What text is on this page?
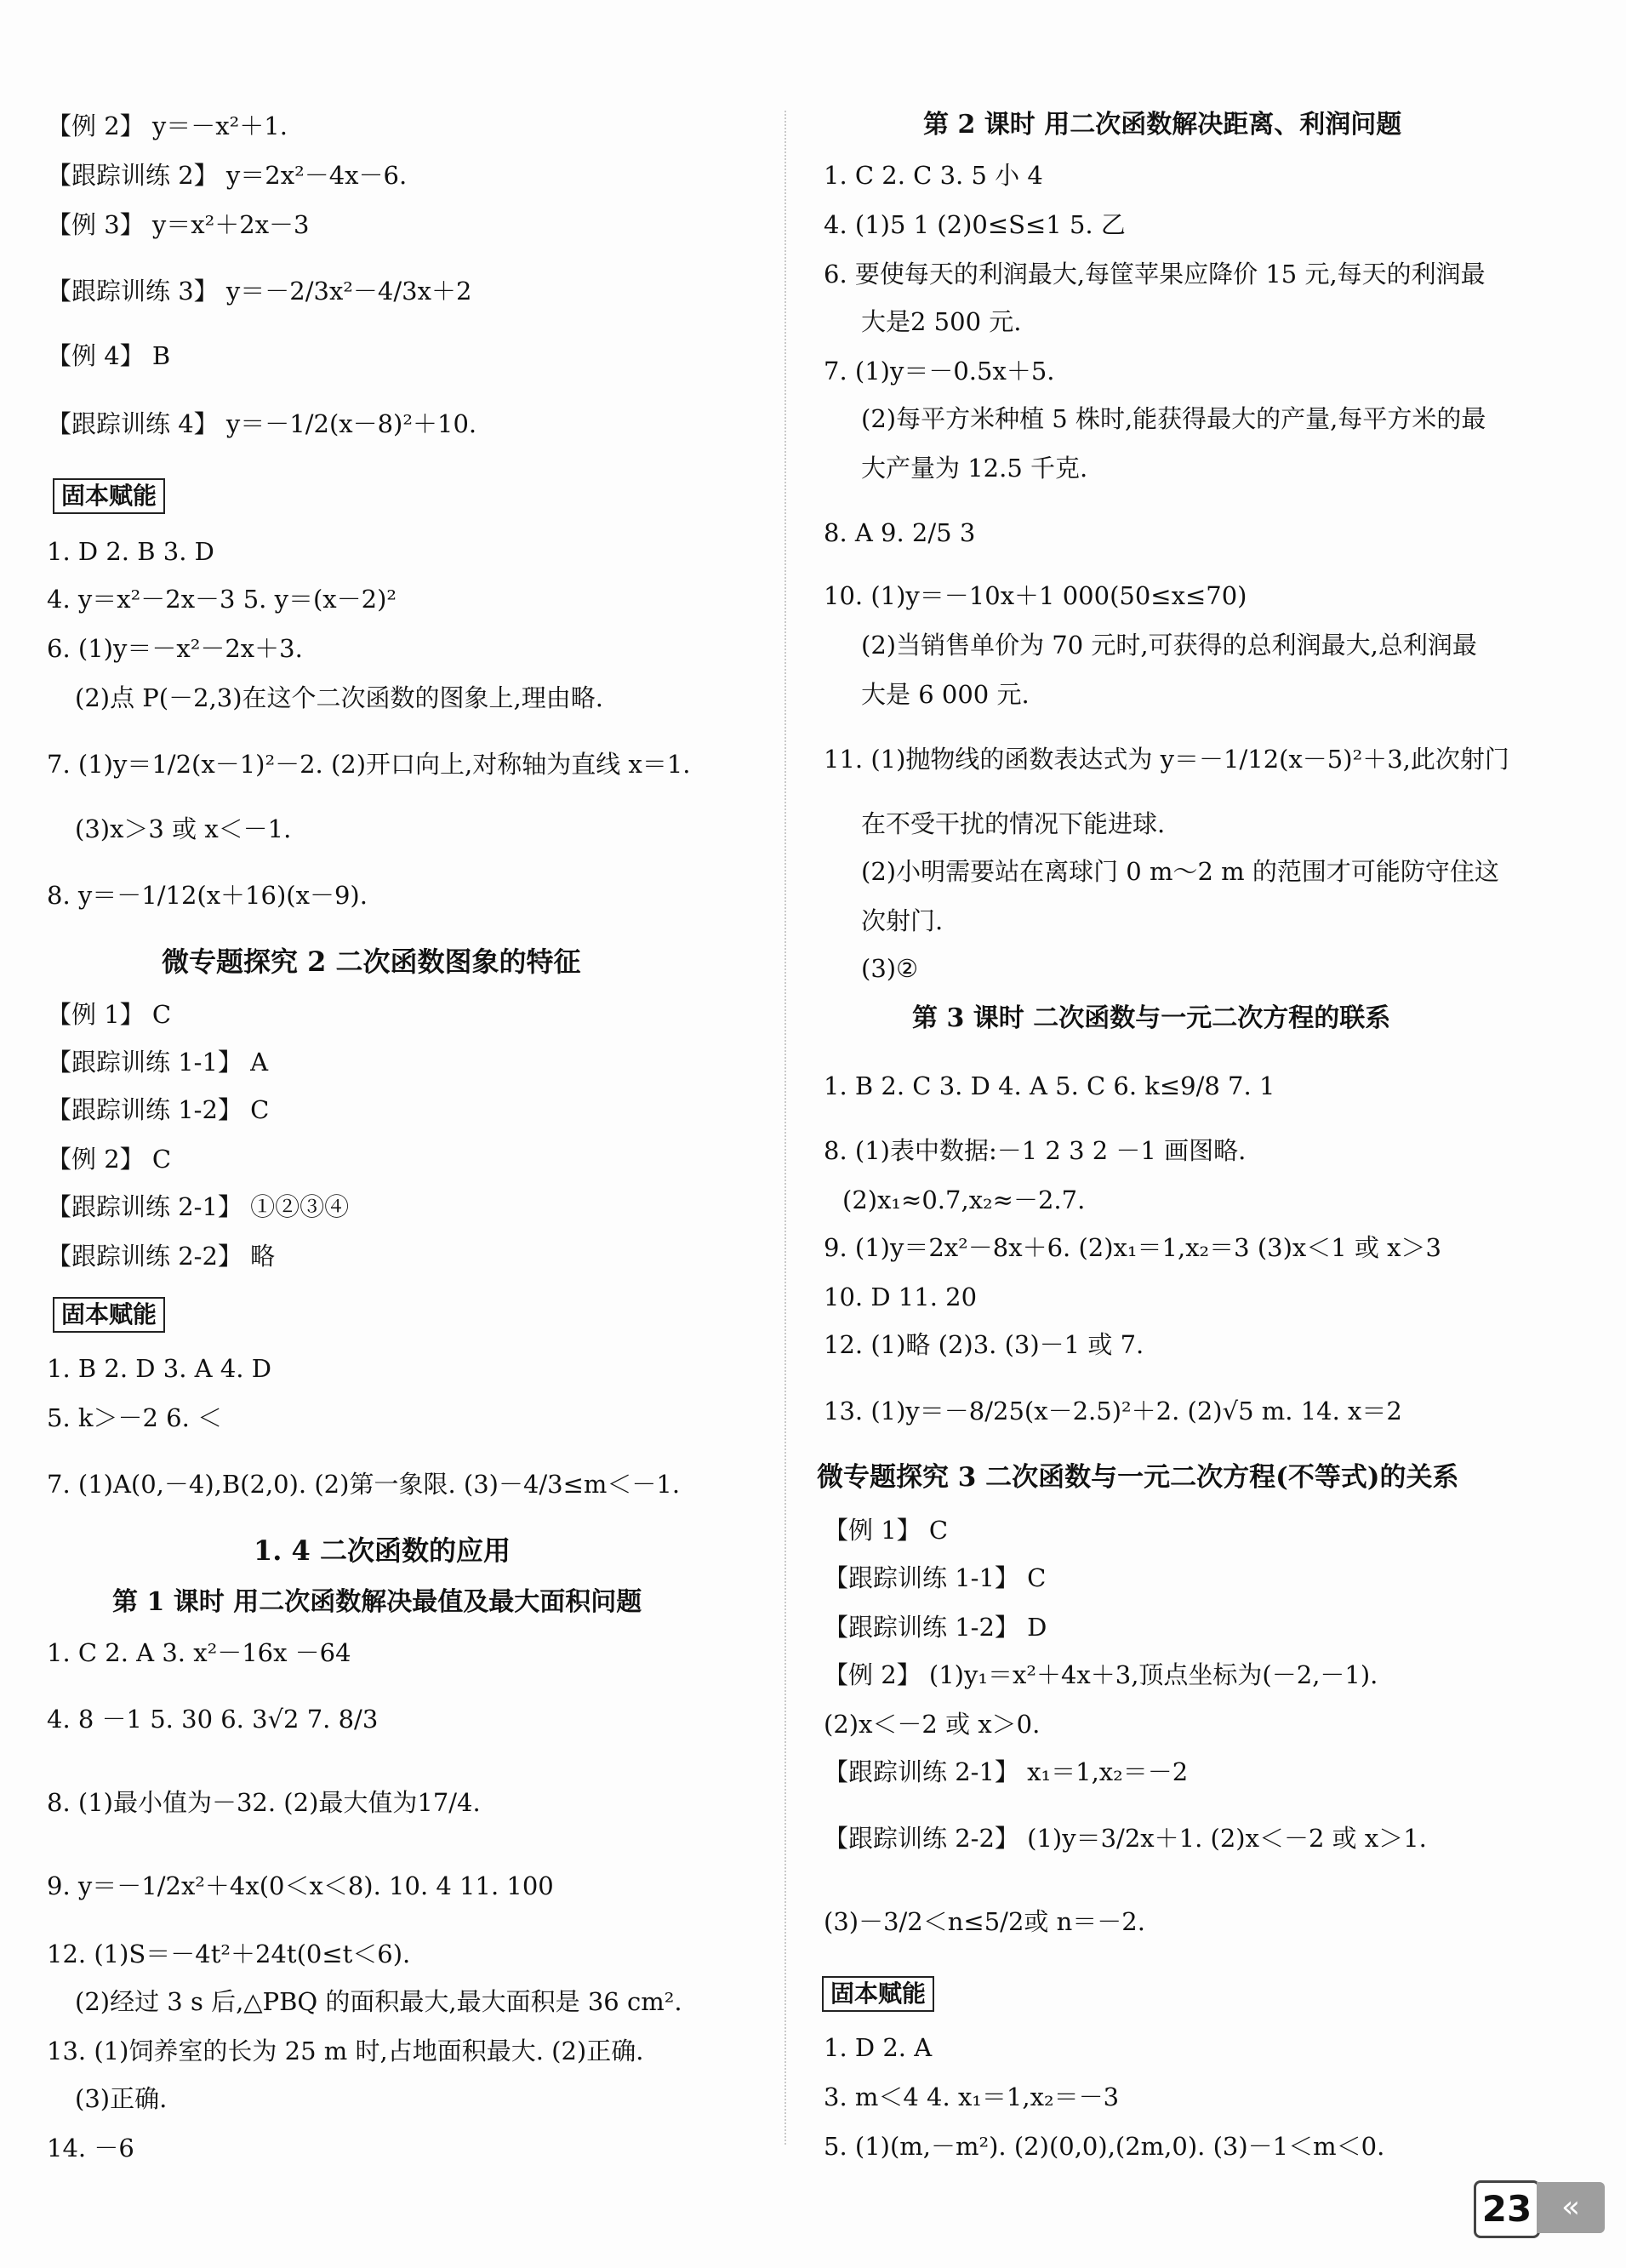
【例 2】 y＝－x²＋1.
【跟踪训练 2】 y＝2x²－4x－6.
【例 3】 y＝x²＋2x－3
【跟踪训练 3】 y＝－2/3x²－4/3x＋2
【例 4】 B
【跟踪训练 4】 y＝－1/2(x－8)²＋10.
固本赋能
1. D 2. B 3. D
4. y＝x²－2x－3 5. y＝(x－2)²
6. (1)y＝－x²－2x＋3.
(2)点 P(－2,3)在这个二次函数的图象上,理由略.
7. (1)y＝1/2(x－1)²－2. (2)开口向上,对称轴为直线 x＝1.
(3)x＞3 或 x＜－1.
8. y＝－1/12(x＋16)(x－9).
微专题探究 2 二次函数图象的特征
【例 1】 C
【跟踪训练 1-1】 A
【跟踪训练 1-2】 C
【例 2】 C
【跟踪训练 2-1】 ①②③④
【跟踪训练 2-2】 略
固本赋能
1. B 2. D 3. A 4. D
5. k＞－2 6. ＜
7. (1)A(0,－4),B(2,0). (2)第一象限. (3)－4/3≤m＜－1.
1. 4 二次函数的应用
第 1 课时 用二次函数解决最值及最大面积问题
1. C 2. A 3. x²－16x －64
4. 8 －1 5. 30 6. 3√2 7. 8/3
8. (1)最小值为－32. (2)最大值为17/4.
9. y＝－1/2x²＋4x(0＜x＜8). 10. 4 11. 100
12. (1)S＝－4t²＋24t(0≤t＜6).
(2)经过 3 s 后,△PBQ 的面积最大,最大面积是 36 cm².
13. (1)饲养室的长为 25 m 时,占地面积最大. (2)正确.
(3)正确.
14. －6
第 2 课时 用二次函数解决距离、利润问题
1. C 2. C 3. 5 小 4
4. (1)5 1 (2)0≤S≤1 5. 乙
6. 要使每天的利润最大,每筐苹果应降价 15 元,每天的利润最
大是2 500 元.
7. (1)y＝－0.5x＋5.
(2)每平方米种植 5 株时,能获得最大的产量,每平方米的最
大产量为 12.5 千克.
8. A 9. 2/5 3
10. (1)y＝－10x＋1 000(50≤x≤70)
(2)当销售单价为 70 元时,可获得的总利润最大,总利润最
大是 6 000 元.
11. (1)抛物线的函数表达式为 y＝－1/12(x－5)²＋3,此次射门
在不受干扰的情况下能进球.
(2)小明需要站在离球门 0 m～2 m 的范围才可能防守住这
次射门.
(3)②
第 3 课时 二次函数与一元二次方程的联系
1. B 2. C 3. D 4. A 5. C 6. k≤9/8 7. 1
8. (1)表中数据:－1 2 3 2 －1 画图略.
(2)x₁≈0.7,x₂≈－2.7.
9. (1)y＝2x²－8x＋6. (2)x₁＝1,x₂＝3 (3)x＜1 或 x＞3
10. D 11. 20
12. (1)略 (2)3. (3)－1 或 7.
13. (1)y＝－8/25(x－2.5)²＋2. (2)√5 m. 14. x＝2
微专题探究 3 二次函数与一元二次方程(不等式)的关系
【例 1】 C
【跟踪训练 1-1】 C
【跟踪训练 1-2】 D
【例 2】 (1)y₁＝x²＋4x＋3,顶点坐标为(－2,－1).
(2)x＜－2 或 x＞0.
【跟踪训练 2-1】 x₁＝1,x₂＝－2
【跟踪训练 2-2】 (1)y＝3/2x＋1. (2)x＜－2 或 x＞1.
(3)－3/2＜n≤5/2或 n＝－2.
固本赋能
1. D 2. A
3. m＜4 4. x₁＝1,x₂＝－3
5. (1)(m,－m²). (2)(0,0),(2m,0). (3)－1＜m＜0.
23 «
